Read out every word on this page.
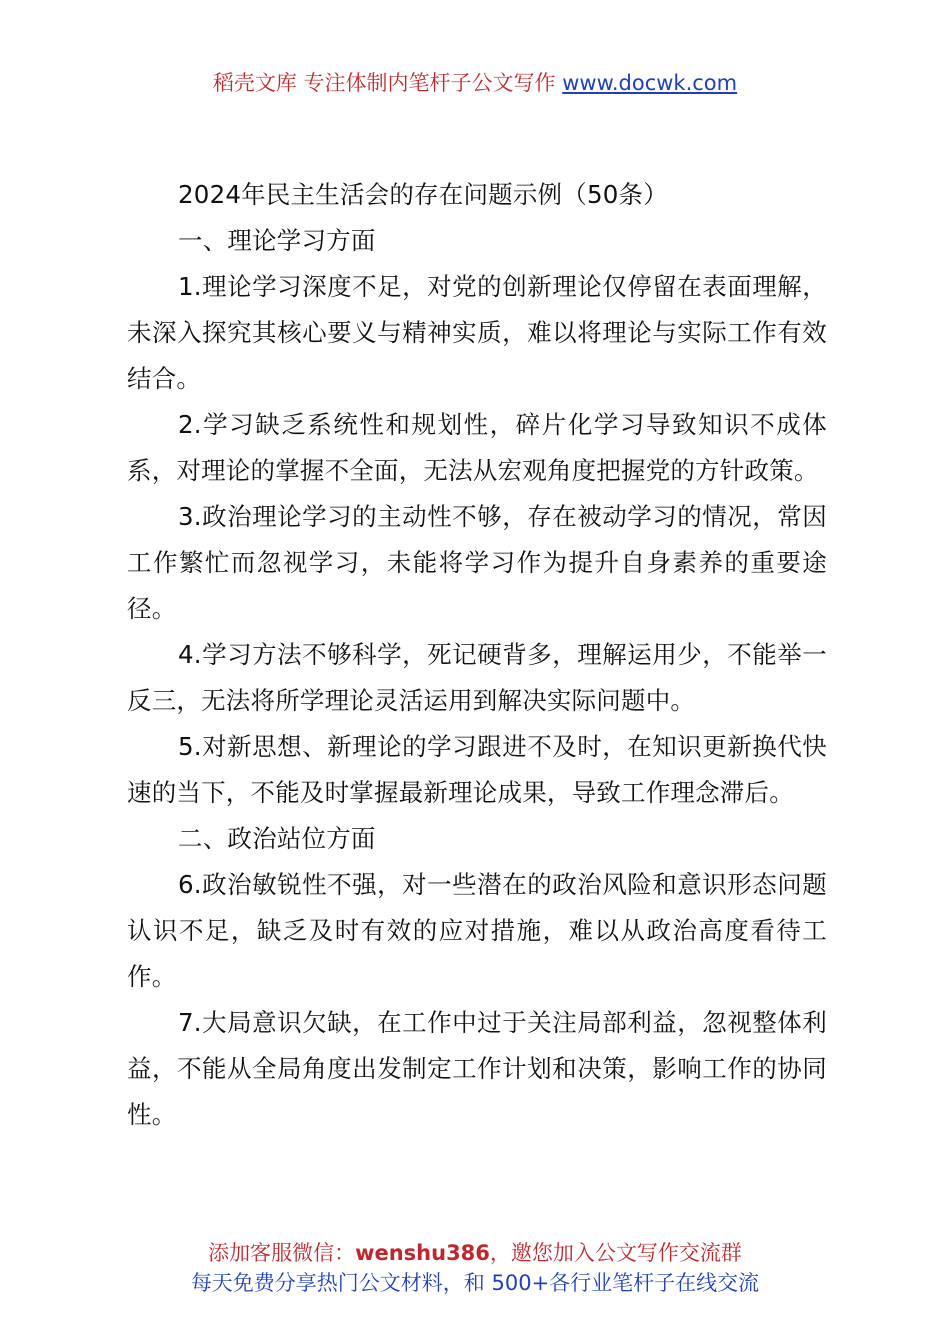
稻壳文库 专注体制内笔杆子公文写作 www.docwk.com

2024年民主生活会的存在问题示例（50条）

一、理论学习方面

1.理论学习深度不足，对党的创新理论仅停留在表面理解，未深入探究其核心要义与精神实质，难以将理论与实际工作有效结合。

2.学习缺乏系统性和规划性，碎片化学习导致知识不成体系，对理论的掌握不全面，无法从宏观角度把握党的方针政策。

3.政治理论学习的主动性不够，存在被动学习的情况，常因工作繁忙而忽视学习，未能将学习作为提升自身素养的重要途径。

4.学习方法不够科学，死记硬背多，理解运用少，不能举一反三，无法将所学理论灵活运用到解决实际问题中。

5.对新思想、新理论的学习跟进不及时，在知识更新换代快速的当下，不能及时掌握最新理论成果，导致工作理念滞后。

二、政治站位方面

6.政治敏锐性不强，对一些潜在的政治风险和意识形态问题认识不足，缺乏及时有效的应对措施，难以从政治高度看待工作。

7.大局意识欠缺，在工作中过于关注局部利益，忽视整体利益，不能从全局角度出发制定工作计划和决策，影响工作的协同性。

添加客服微信：wenshu386，邀您加入公文写作交流群
每天免费分享热门公文材料，和 500+各行业笔杆子在线交流
